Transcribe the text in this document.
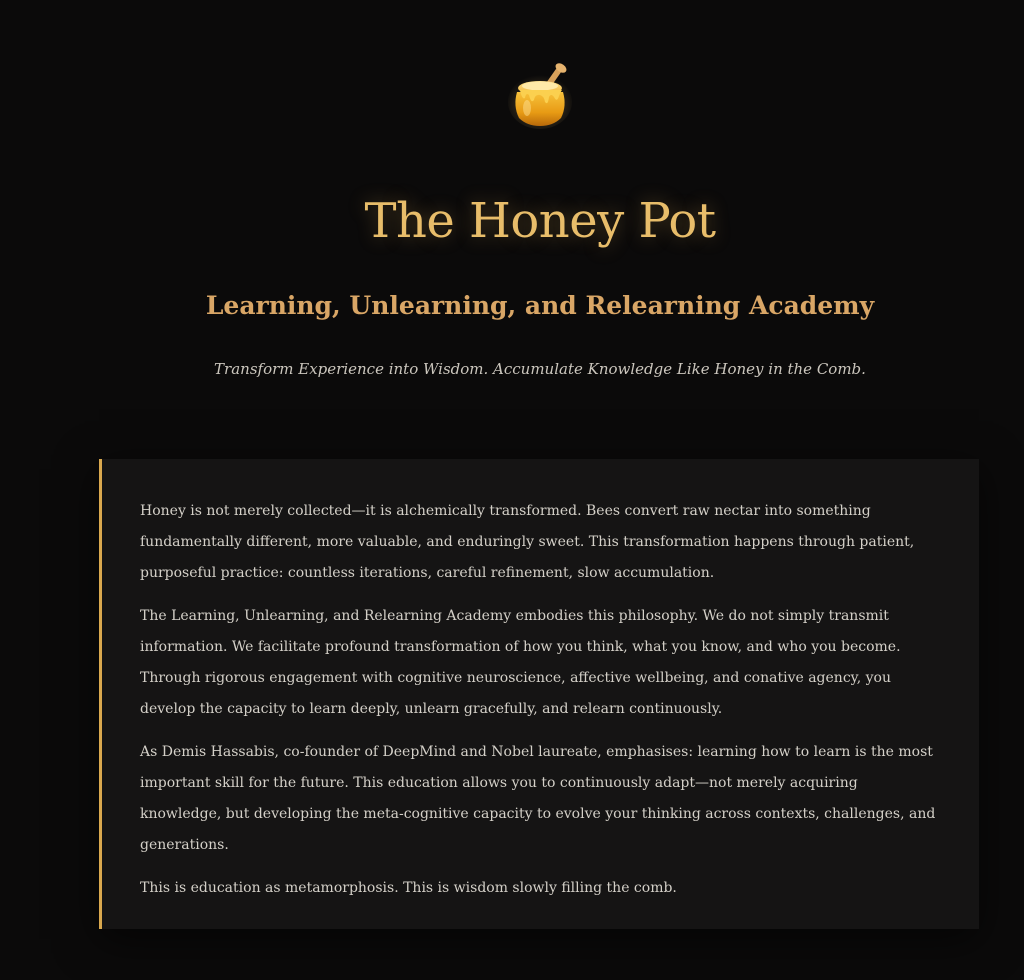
The Honey Pot
Learning, Unlearning, and Relearning Academy

Transform Experience into Wisdom. Accumulate Knowledge Like Honey in the Comb.

Honey is not merely collected—it is alchemically transformed. Bees convert raw nectar into something fundamentally different, more valuable, and enduringly sweet. This transformation happens through patient, purposeful practice: countless iterations, careful refinement, slow accumulation.

The Learning, Unlearning, and Relearning Academy embodies this philosophy. We do not simply transmit information. We facilitate profound transformation of how you think, what you know, and who you become. Through rigorous engagement with cognitive neuroscience, affective wellbeing, and conative agency, you develop the capacity to learn deeply, unlearn gracefully, and relearn continuously.

As Demis Hassabis, co-founder of DeepMind and Nobel laureate, emphasises: learning how to learn is the most important skill for the future. This education allows you to continuously adapt—not merely acquiring knowledge, but developing the meta-cognitive capacity to evolve your thinking across contexts, challenges, and generations.

This is education as metamorphosis. This is wisdom slowly filling the comb.
